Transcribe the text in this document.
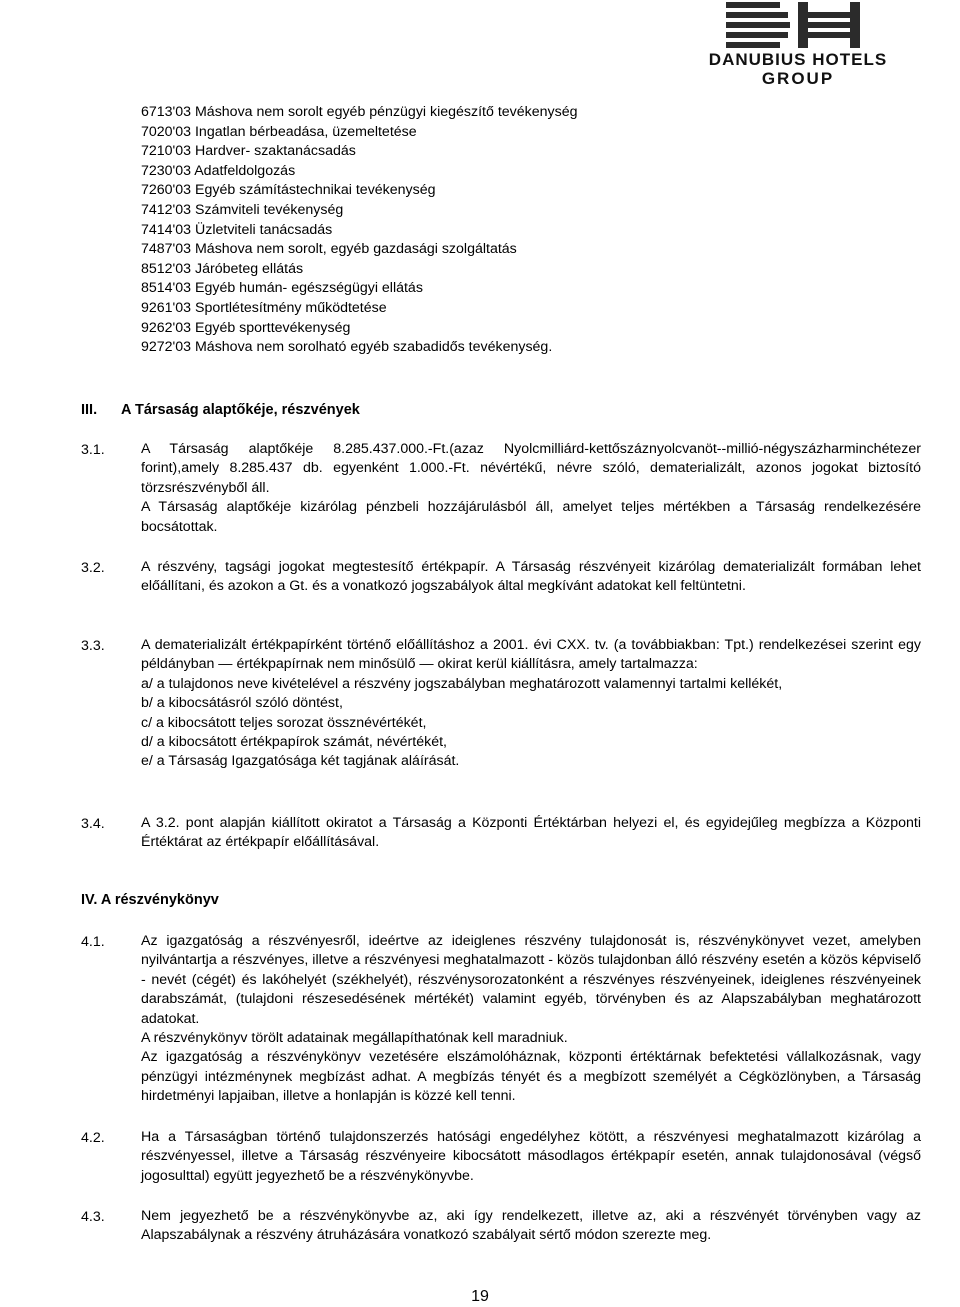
DANUBIUS HOTELS
GROUP
6713'03 Máshova nem sorolt egyéb pénzügyi kiegészítő tevékenység
7020'03 Ingatlan bérbeadása, üzemeltetése
7210'03 Hardver- szaktanácsadás
7230'03 Adatfeldolgozás
7260'03 Egyéb számítástechnikai tevékenység
7412'03 Számviteli tevékenység
7414'03 Üzletviteli tanácsadás
7487'03 Máshova nem sorolt, egyéb gazdasági szolgáltatás
8512'03 Járóbeteg ellátás
8514'03 Egyéb humán- egészségügyi ellátás
9261'03 Sportlétesítmény működtetése
9262'03 Egyéb sporttevékenység
9272'03 Máshova nem sorolható egyéb szabadidős tevékenység.
III. A Társaság alaptőkéje, részvények
3.1.	A Társaság alaptőkéje 8.285.437.000.-Ft.(azaz Nyolcmilliárd-kettőszáznyolcvanöt--millió-négyszázharminchétezer forint),amely 8.285.437 db. egyenként 1.000.-Ft. névértékű, névre szóló, dematerializált, azonos jogokat biztosító törzsrészvényből áll.

A Társaság alaptőkéje kizárólag pénzbeli hozzájárulásból áll, amelyet teljes mértékben a Társaság rendelkezésére bocsátottak.

3.2.	A részvény, tagsági jogokat megtestesítő értékpapír. A Társaság részvényeit kizárólag dematerializált formában lehet előállítani, és azokon a Gt. és a vonatkozó jogszabályok által megkívánt adatokat kell feltüntetni.

3.3.	A dematerializált értékpapírként történő előállításhoz a 2001. évi CXX. tv. (a továbbiakban: Tpt.) rendelkezései szerint egy példányban — értékpapírnak nem minősülő — okirat kerül kiállításra, amely tartalmazza:

a/ a tulajdonos neve kivételével a részvény jogszabályban meghatározott valamennyi tartalmi kellékét,
b/ a kibocsátásról szóló döntést,
c/ a kibocsátott teljes sorozat össznévértékét,
d/ a kibocsátott értékpapírok számát, névértékét,
e/ a Társaság Igazgatósága két tagjának aláírását.
3.4.	A 3.2. pont alapján kiállított okiratot a Társaság a Központi Értéktárban helyezi el, és egyidejűleg megbízza a Központi Értéktárat az értékpapír előállításával.

IV. A részvénykönyv
4.1.	Az igazgatóság a részvényesről, ideértve az ideiglenes részvény tulajdonosát is, részvénykönyvet vezet, amelyben nyilvántartja a részvényes, illetve a részvényesi meghatalmazott - közös tulajdonban álló részvény esetén a közös képviselő - nevét (cégét) és lakóhelyét (székhelyét), részvénysorozatonként a részvényes részvényeinek, ideiglenes részvényeinek darabszámát, (tulajdoni részesedésének mértékét) valamint egyéb, törvényben és az Alapszabályban meghatározott adatokat.

A részvénykönyv törölt adatainak megállapíthatónak kell maradniuk.

Az igazgatóság a részvénykönyv vezetésére elszámolóháznak, központi értéktárnak befektetési vállalkozásnak, vagy pénzügyi intézménynek megbízást adhat. A megbízás tényét és a megbízott személyét a Cégközlönyben, a Társaság hirdetményi lapjaiban, illetve a honlapján is közzé kell tenni.

4.2.	Ha a Társaságban történő tulajdonszerzés hatósági engedélyhez kötött, a részvényesi meghatalmazott kizárólag a részvényessel, illetve a Társaság részvényeire kibocsátott másodlagos értékpapír esetén, annak tulajdonosával (végső jogosulttal) együtt jegyezhető be a részvénykönyvbe.

4.3.	Nem jegyezhető be a részvénykönyvbe az, aki így rendelkezett, illetve az, aki a részvényét törvényben vagy az Alapszabálynak a részvény átruházására vonatkozó szabályait sértő módon szerezte meg.

19
